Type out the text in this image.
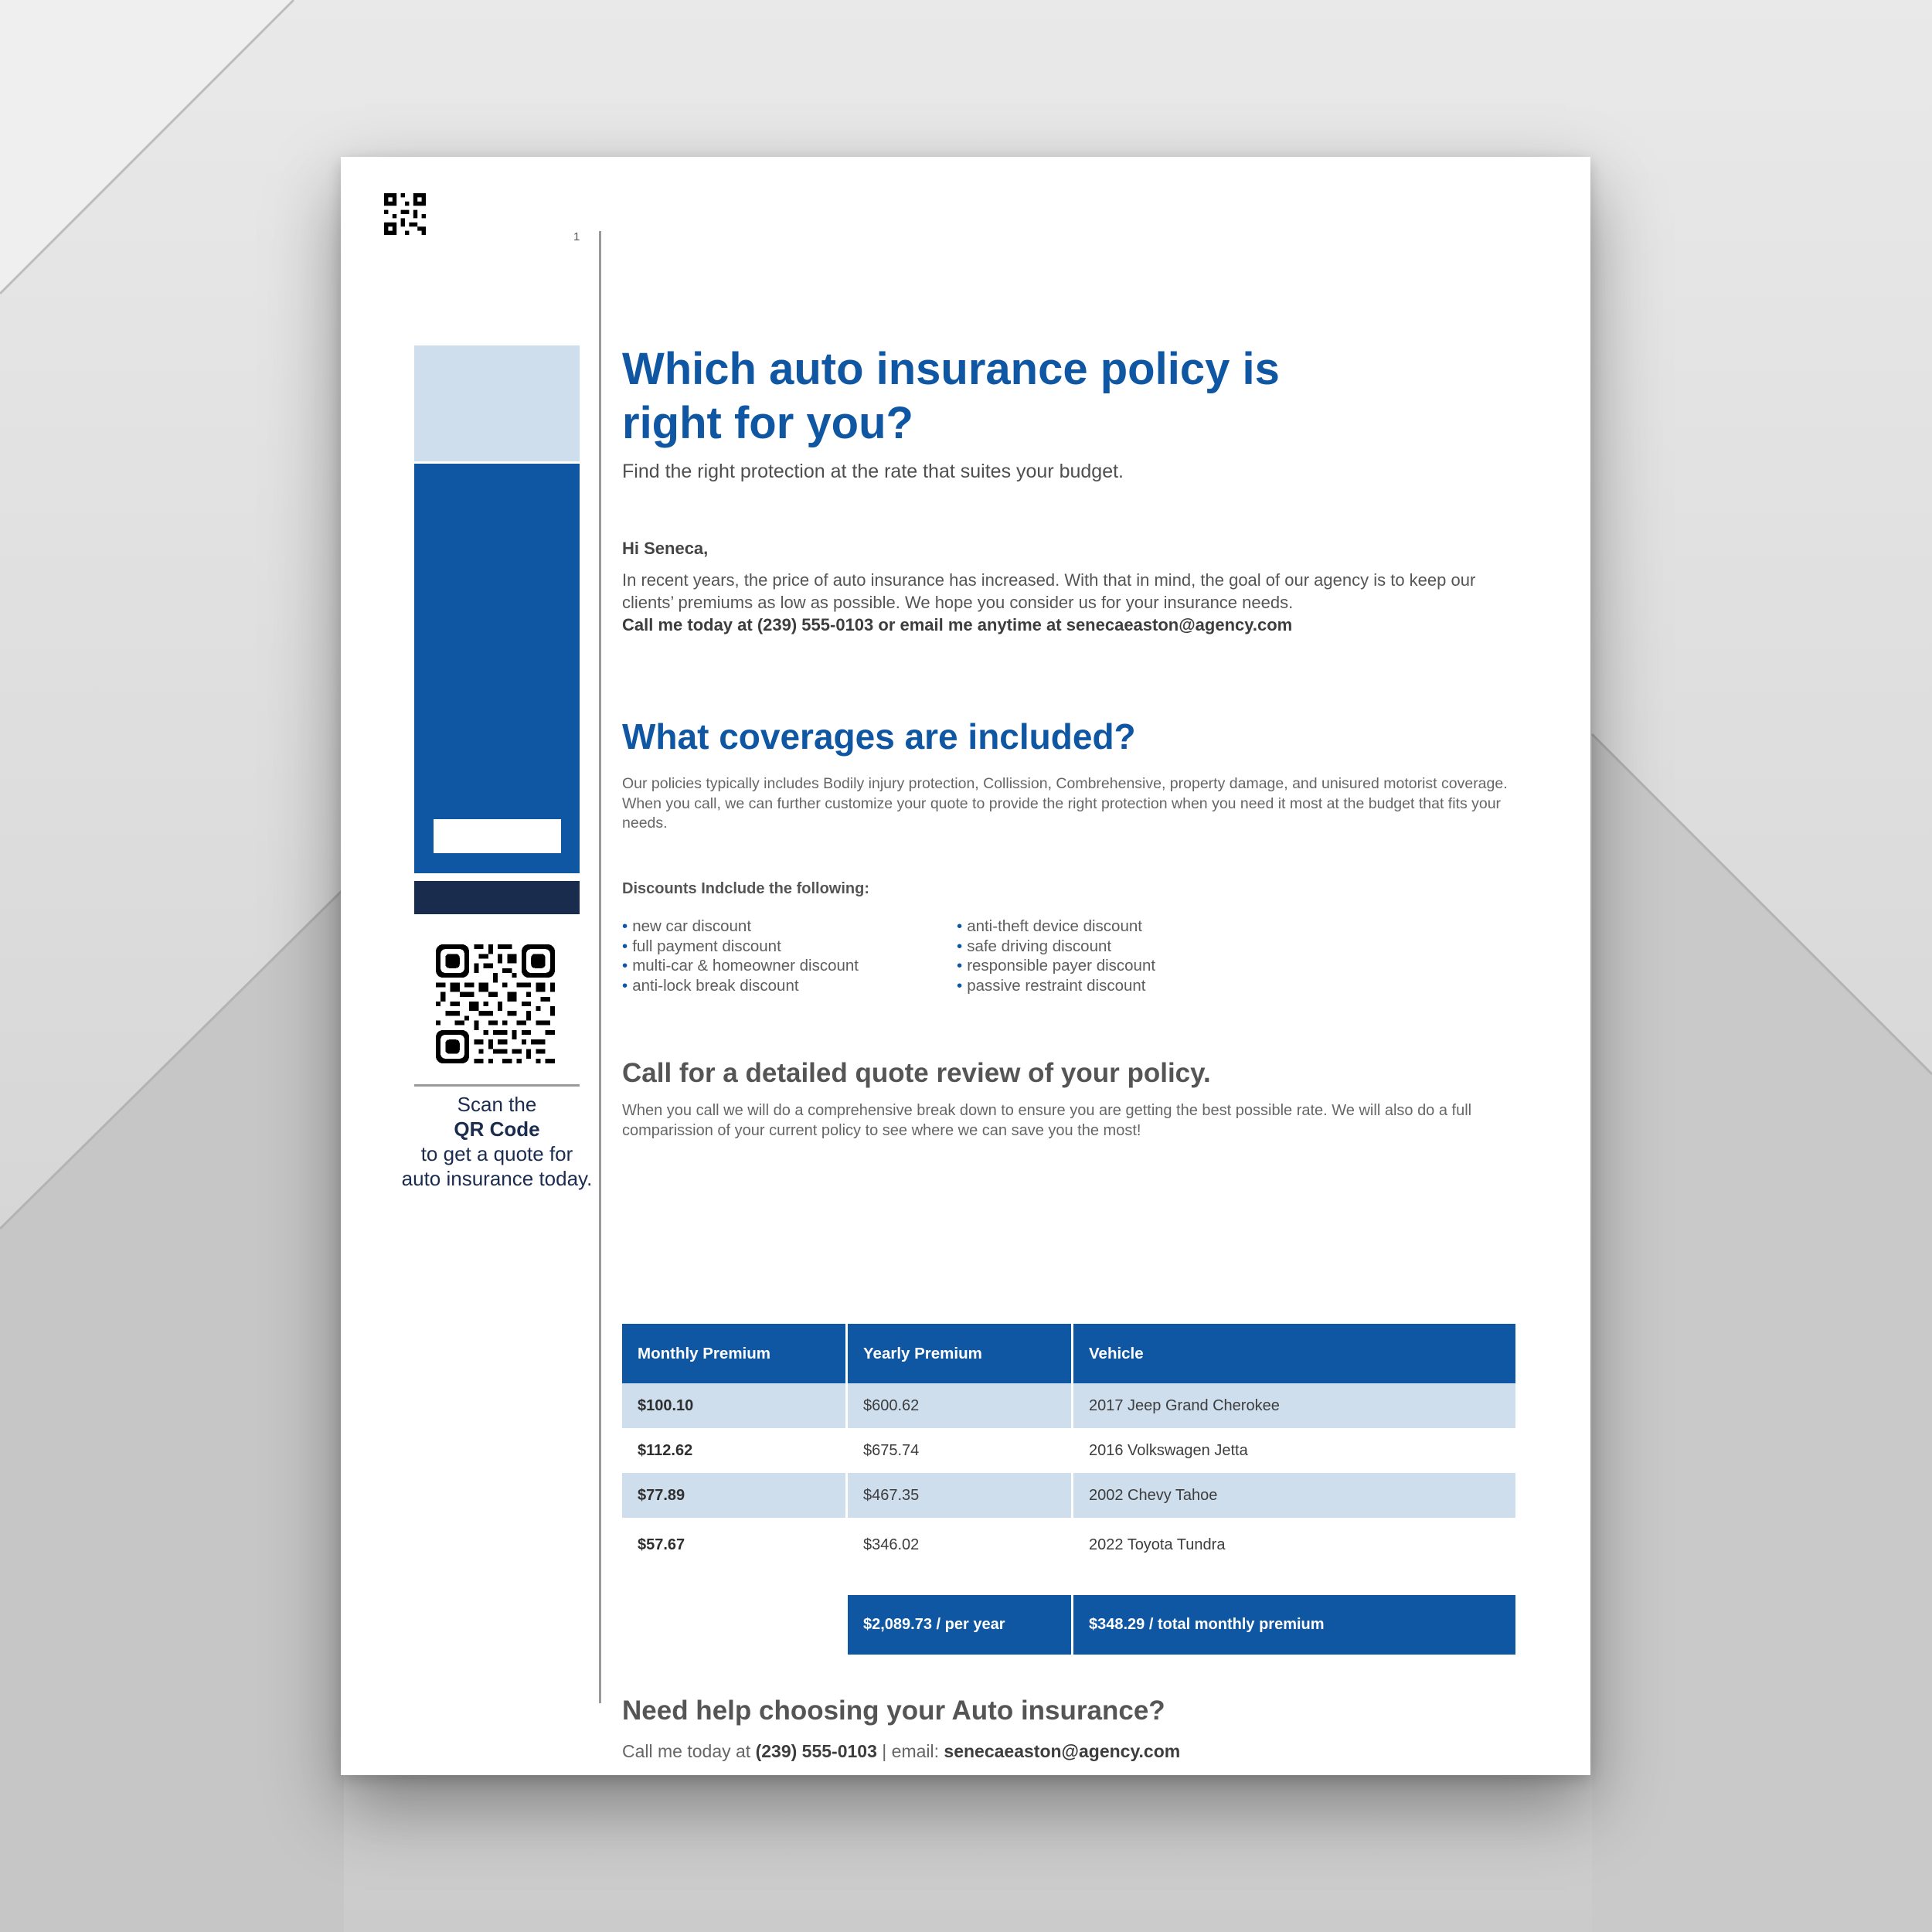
1
Scan the
QR Code
to get a quote for auto insurance today.
Which auto insurance policy is right for you?
Find the right protection at the rate that suites your budget.
Hi Seneca,
In recent years, the price of auto insurance has increased. With that in mind, the goal of our agency is to keep our clients’ premiums as low as possible. We hope you consider us for your insurance needs.
Call me today at (239) 555-0103 or email me anytime at senecaeaston@agency.com
What coverages are included?
Our policies typically includes Bodily injury protection, Collission, Combrehensive, property damage, and unisured motorist coverage. When you call, we can further customize your quote to provide the right protection when you need it most at the budget that fits your needs.
Discounts Indclude the following:
• new car discount
• full payment discount
• multi-car & homeowner discount
• anti-lock break discount
• anti-theft device discount
• safe driving discount
• responsible payer discount
• passive restraint discount
Call for a detailed quote review of your policy.
When you call we will do a comprehensive break down to ensure you are getting the best possible rate. We will also do a full comparission of your current policy to see where we can save you the most!
Monthly Premium	Yearly Premium	Vehicle
$100.10	$600.62	2017 Jeep Grand Cherokee
$112.62	$675.74	2016 Volkswagen Jetta
$77.89	$467.35	2002 Chevy Tahoe
$57.67	$346.02	2022 Toyota Tundra

	$2,089.73 / per year	$348.29 / total monthly premium
Need help choosing your Auto insurance?
Call me today at (239) 555-0103 | email: senecaeaston@agency.com
